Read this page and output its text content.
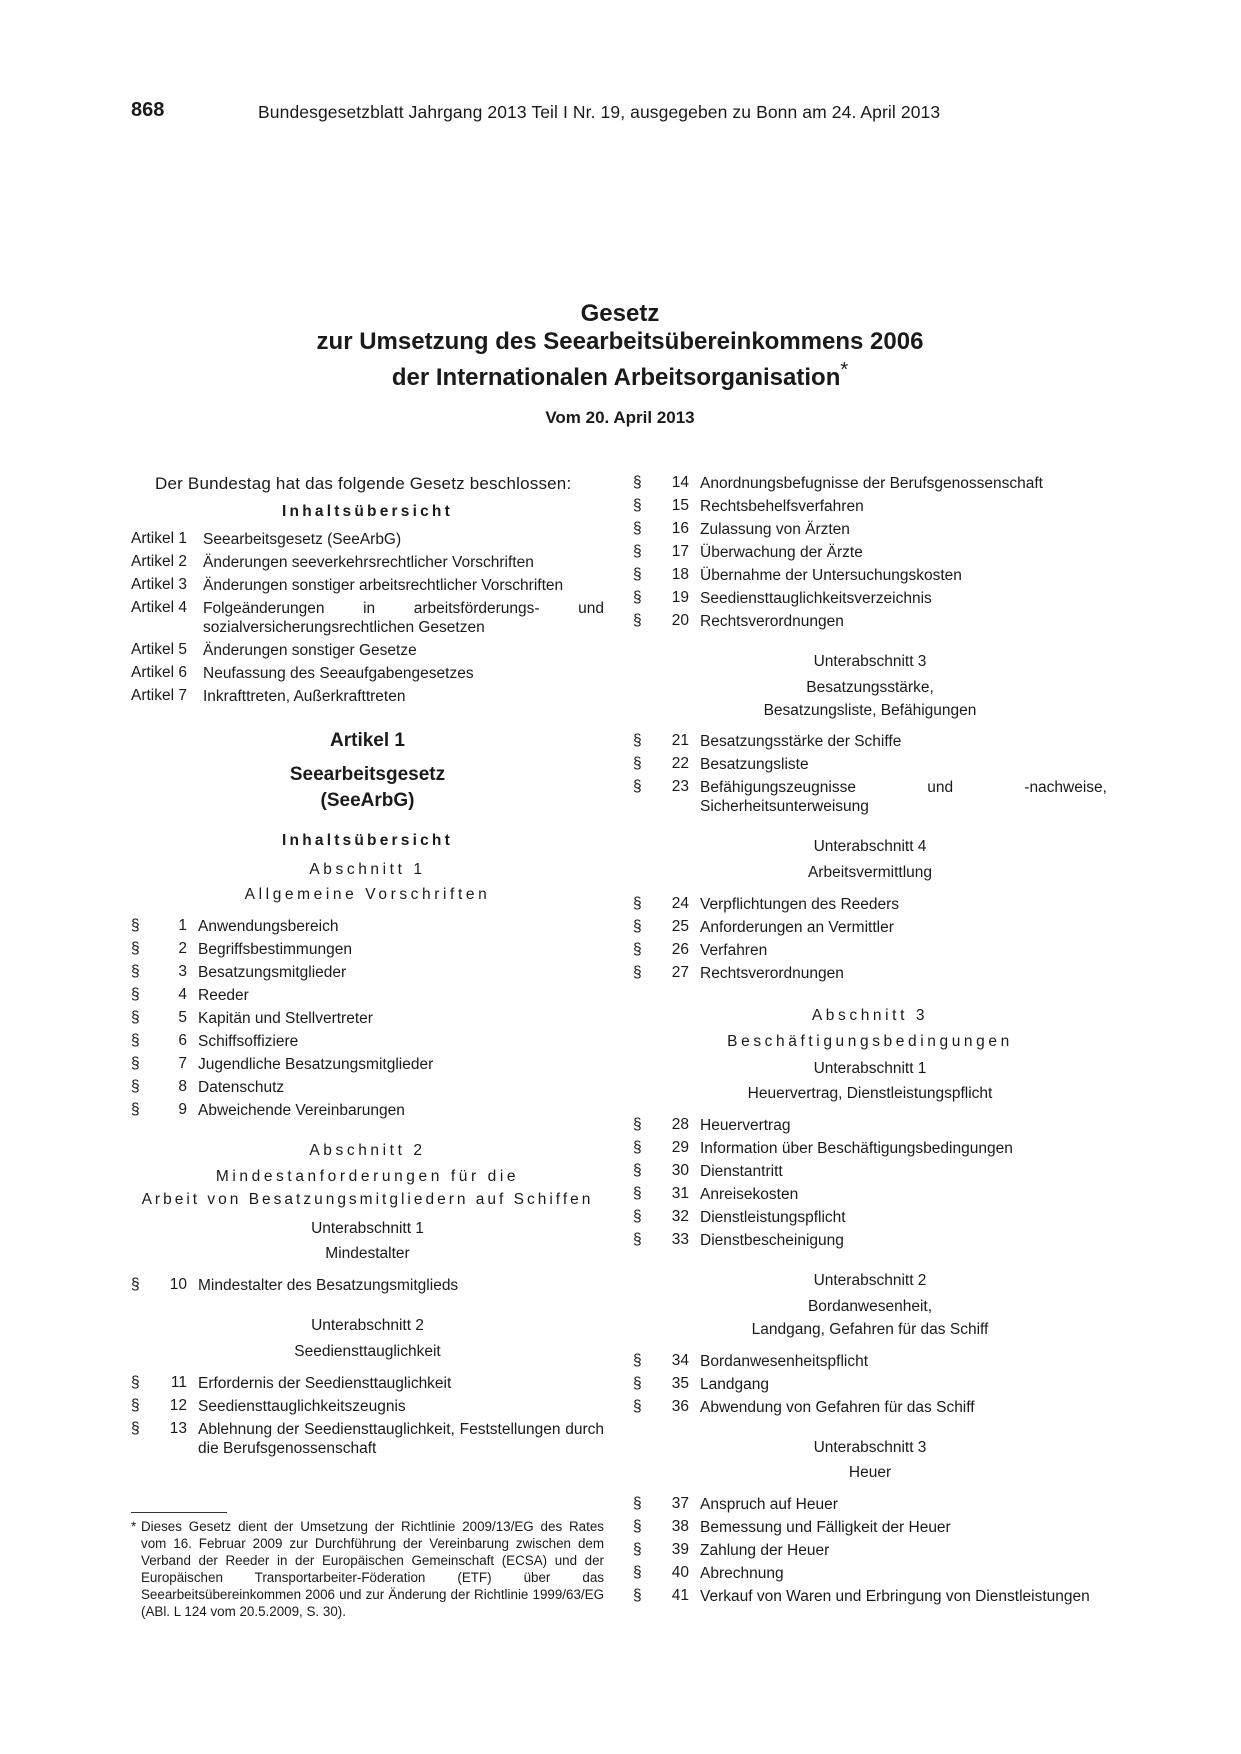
868	Bundesgesetzblatt Jahrgang 2013 Teil I Nr. 19, ausgegeben zu Bonn am 24. April 2013

Gesetz

zur Umsetzung des Seearbeitsübereinkommens 2006

der Internationalen Arbeitsorganisation*

Vom 20. April 2013

Der Bundestag hat das folgende Gesetz beschlossen:

Inhaltsübersicht

Artikel 1	Seearbeitsgesetz (SeeArbG)
Artikel 2	Änderungen seeverkehrsrechtlicher Vorschriften
Artikel 3	Änderungen sonstiger arbeitsrechtlicher Vorschriften
Artikel 4	Folgeänderungen in arbeitsförderungs- und sozialversicherungsrechtlichen Gesetzen
Artikel 5	Änderungen sonstiger Gesetze
Artikel 6	Neufassung des Seeaufgabengesetzes
Artikel 7	Inkrafttreten, Außerkrafttreten

Artikel 1

Seearbeitsgesetz

(SeeArbG)

Inhaltsübersicht

Abschnitt 1

Allgemeine Vorschriften

§	1 Anwendungsbereich
§	2 Begriffsbestimmungen
§	3 Besatzungsmitglieder
§	4 Reeder
§	5 Kapitän und Stellvertreter
§	6 Schiffsoffiziere
§	7 Jugendliche Besatzungsmitglieder
§	8 Datenschutz
§	9 Abweichende Vereinbarungen

Abschnitt 2

Mindestanforderungen für die

Arbeit von Besatzungsmitgliedern auf Schiffen

Unterabschnitt 1

Mindestalter

§	10 Mindestalter des Besatzungsmitglieds

Unterabschnitt 2

Seediensttauglichkeit

§	11 Erfordernis der Seediensttauglichkeit
§	12 Seediensttauglichkeitszeugnis
§	13 Ablehnung der Seediensttauglichkeit, Feststellungen durch die Berufsgenossenschaft
§	14 Anordnungsbefugnisse der Berufsgenossenschaft
§	15 Rechtsbehelfsverfahren
§	16 Zulassung von Ärzten
§	17 Überwachung der Ärzte
§	18 Übernahme der Untersuchungskosten
§	19 Seediensttauglichkeitsverzeichnis
§	20 Rechtsverordnungen

Unterabschnitt 3

Besatzungsstärke,

Besatzungsliste, Befähigungen

§	21 Besatzungsstärke der Schiffe
§	22 Besatzungsliste
§	23 Befähigungszeugnisse und -nachweise, Sicherheitsunterweisung

Unterabschnitt 4

Arbeitsvermittlung

§	24 Verpflichtungen des Reeders
§	25 Anforderungen an Vermittler
§	26 Verfahren
§	27 Rechtsverordnungen

Abschnitt 3

Beschäftigungsbedingungen

Unterabschnitt 1

Heuervertrag, Dienstleistungspflicht

§	28 Heuervertrag
§	29 Information über Beschäftigungsbedingungen
§	30 Dienstantritt
§	31 Anreisekosten
§	32 Dienstleistungspflicht
§	33 Dienstbescheinigung

Unterabschnitt 2

Bordanwesenheit,

Landgang, Gefahren für das Schiff

§	34 Bordanwesenheitspflicht
§	35 Landgang
§	36 Abwendung von Gefahren für das Schiff

Unterabschnitt 3

Heuer

§	37 Anspruch auf Heuer
§	38 Bemessung und Fälligkeit der Heuer
§	39 Zahlung der Heuer
§	40 Abrechnung
§	41 Verkauf von Waren und Erbringung von Dienstleistungen
* Dieses Gesetz dient der Umsetzung der Richtlinie 2009/13/EG des Rates vom 16. Februar 2009 zur Durchführung der Vereinbarung zwischen dem Verband der Reeder in der Europäischen Gemeinschaft (ECSA) und der Europäischen Transportarbeiter-Föderation (ETF) über das Seearbeitsübereinkommen 2006 und zur Änderung der Richtlinie 1999/63/EG (ABl. L 124 vom 20.5.2009, S. 30).
